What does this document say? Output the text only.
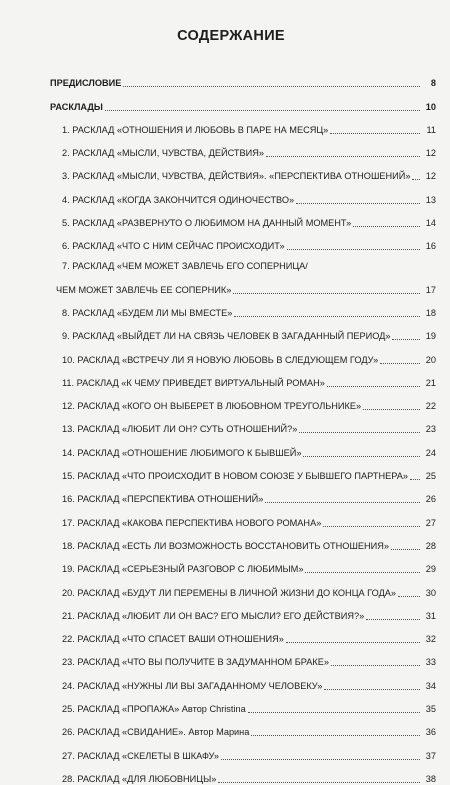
СОДЕРЖАНИЕ
ПРЕДИСЛОВИЕ	8
РАСКЛАДЫ	10
1. РАСКЛАД «ОТНОШЕНИЯ И ЛЮБОВЬ В ПАРЕ НА МЕСЯЦ»	11
2. РАСКЛАД «МЫСЛИ, ЧУВСТВА, ДЕЙСТВИЯ»	12
3. РАСКЛАД «МЫСЛИ, ЧУВСТВА, ДЕЙСТВИЯ». «ПЕРСПЕКТИВА ОТНОШЕНИЙ»	12
4. РАСКЛАД «КОГДА ЗАКОНЧИТСЯ ОДИНОЧЕСТВО»	13
5. РАСКЛАД «РАЗВЕРНУТО О ЛЮБИМОМ НА ДАННЫЙ МОМЕНТ»	14
6. РАСКЛАД «ЧТО С НИМ СЕЙЧАС ПРОИСХОДИТ»	16
7. РАСКЛАД «ЧЕМ МОЖЕТ ЗАВЛЕЧЬ ЕГО СОПЕРНИЦА/
ЧЕМ МОЖЕТ ЗАВЛЕЧЬ ЕЕ СОПЕРНИК»	17
8. РАСКЛАД «БУДЕМ ЛИ МЫ ВМЕСТЕ»	18
9. РАСКЛАД «ВЫЙДЕТ ЛИ НА СВЯЗЬ ЧЕЛОВЕК В ЗАГАДАННЫЙ ПЕРИОД»	19
10. РАСКЛАД «ВСТРЕЧУ ЛИ Я НОВУЮ ЛЮБОВЬ В СЛЕДУЮЩЕМ ГОДУ»	20
11. РАСКЛАД «К ЧЕМУ ПРИВЕДЕТ ВИРТУАЛЬНЫЙ РОМАН»	21
12. РАСКЛАД «КОГО ОН ВЫБЕРЕТ В ЛЮБОВНОМ ТРЕУГОЛЬНИКЕ»	22
13. РАСКЛАД «ЛЮБИТ ЛИ ОН? СУТЬ ОТНОШЕНИЙ?»	23
14. РАСКЛАД «ОТНОШЕНИЕ ЛЮБИМОГО К БЫВШЕЙ»	24
15. РАСКЛАД «ЧТО ПРОИСХОДИТ В НОВОМ СОЮЗЕ У БЫВШЕГО ПАРТНЕРА»	25
16. РАСКЛАД «ПЕРСПЕКТИВА ОТНОШЕНИЙ»	26
17. РАСКЛАД «КАКОВА ПЕРСПЕКТИВА НОВОГО РОМАНА»	27
18. РАСКЛАД «ЕСТЬ ЛИ ВОЗМОЖНОСТЬ ВОССТАНОВИТЬ ОТНОШЕНИЯ»	28
19. РАСКЛАД «СЕРЬЕЗНЫЙ РАЗГОВОР С ЛЮБИМЫМ»	29
20. РАСКЛАД «БУДУТ ЛИ ПЕРЕМЕНЫ В ЛИЧНОЙ ЖИЗНИ ДО КОНЦА ГОДА»	30
21. РАСКЛАД «ЛЮБИТ ЛИ ОН ВАС? ЕГО МЫСЛИ? ЕГО ДЕЙСТВИЯ?»	31
22. РАСКЛАД «ЧТО СПАСЕТ ВАШИ ОТНОШЕНИЯ»	32
23. РАСКЛАД «ЧТО ВЫ ПОЛУЧИТЕ В ЗАДУМАННОМ БРАКЕ»	33
24. РАСКЛАД «НУЖНЫ ЛИ ВЫ ЗАГАДАННОМУ ЧЕЛОВЕКУ»	34
25. РАСКЛАД «ПРОПАЖА» Автор Christina	35
26. РАСКЛАД «СВИДАНИЕ». Автор Марина	36
27. РАСКЛАД «СКЕЛЕТЫ В ШКАФУ»	37
28. РАСКЛАД «ДЛЯ ЛЮБОВНИЦЫ»	38
